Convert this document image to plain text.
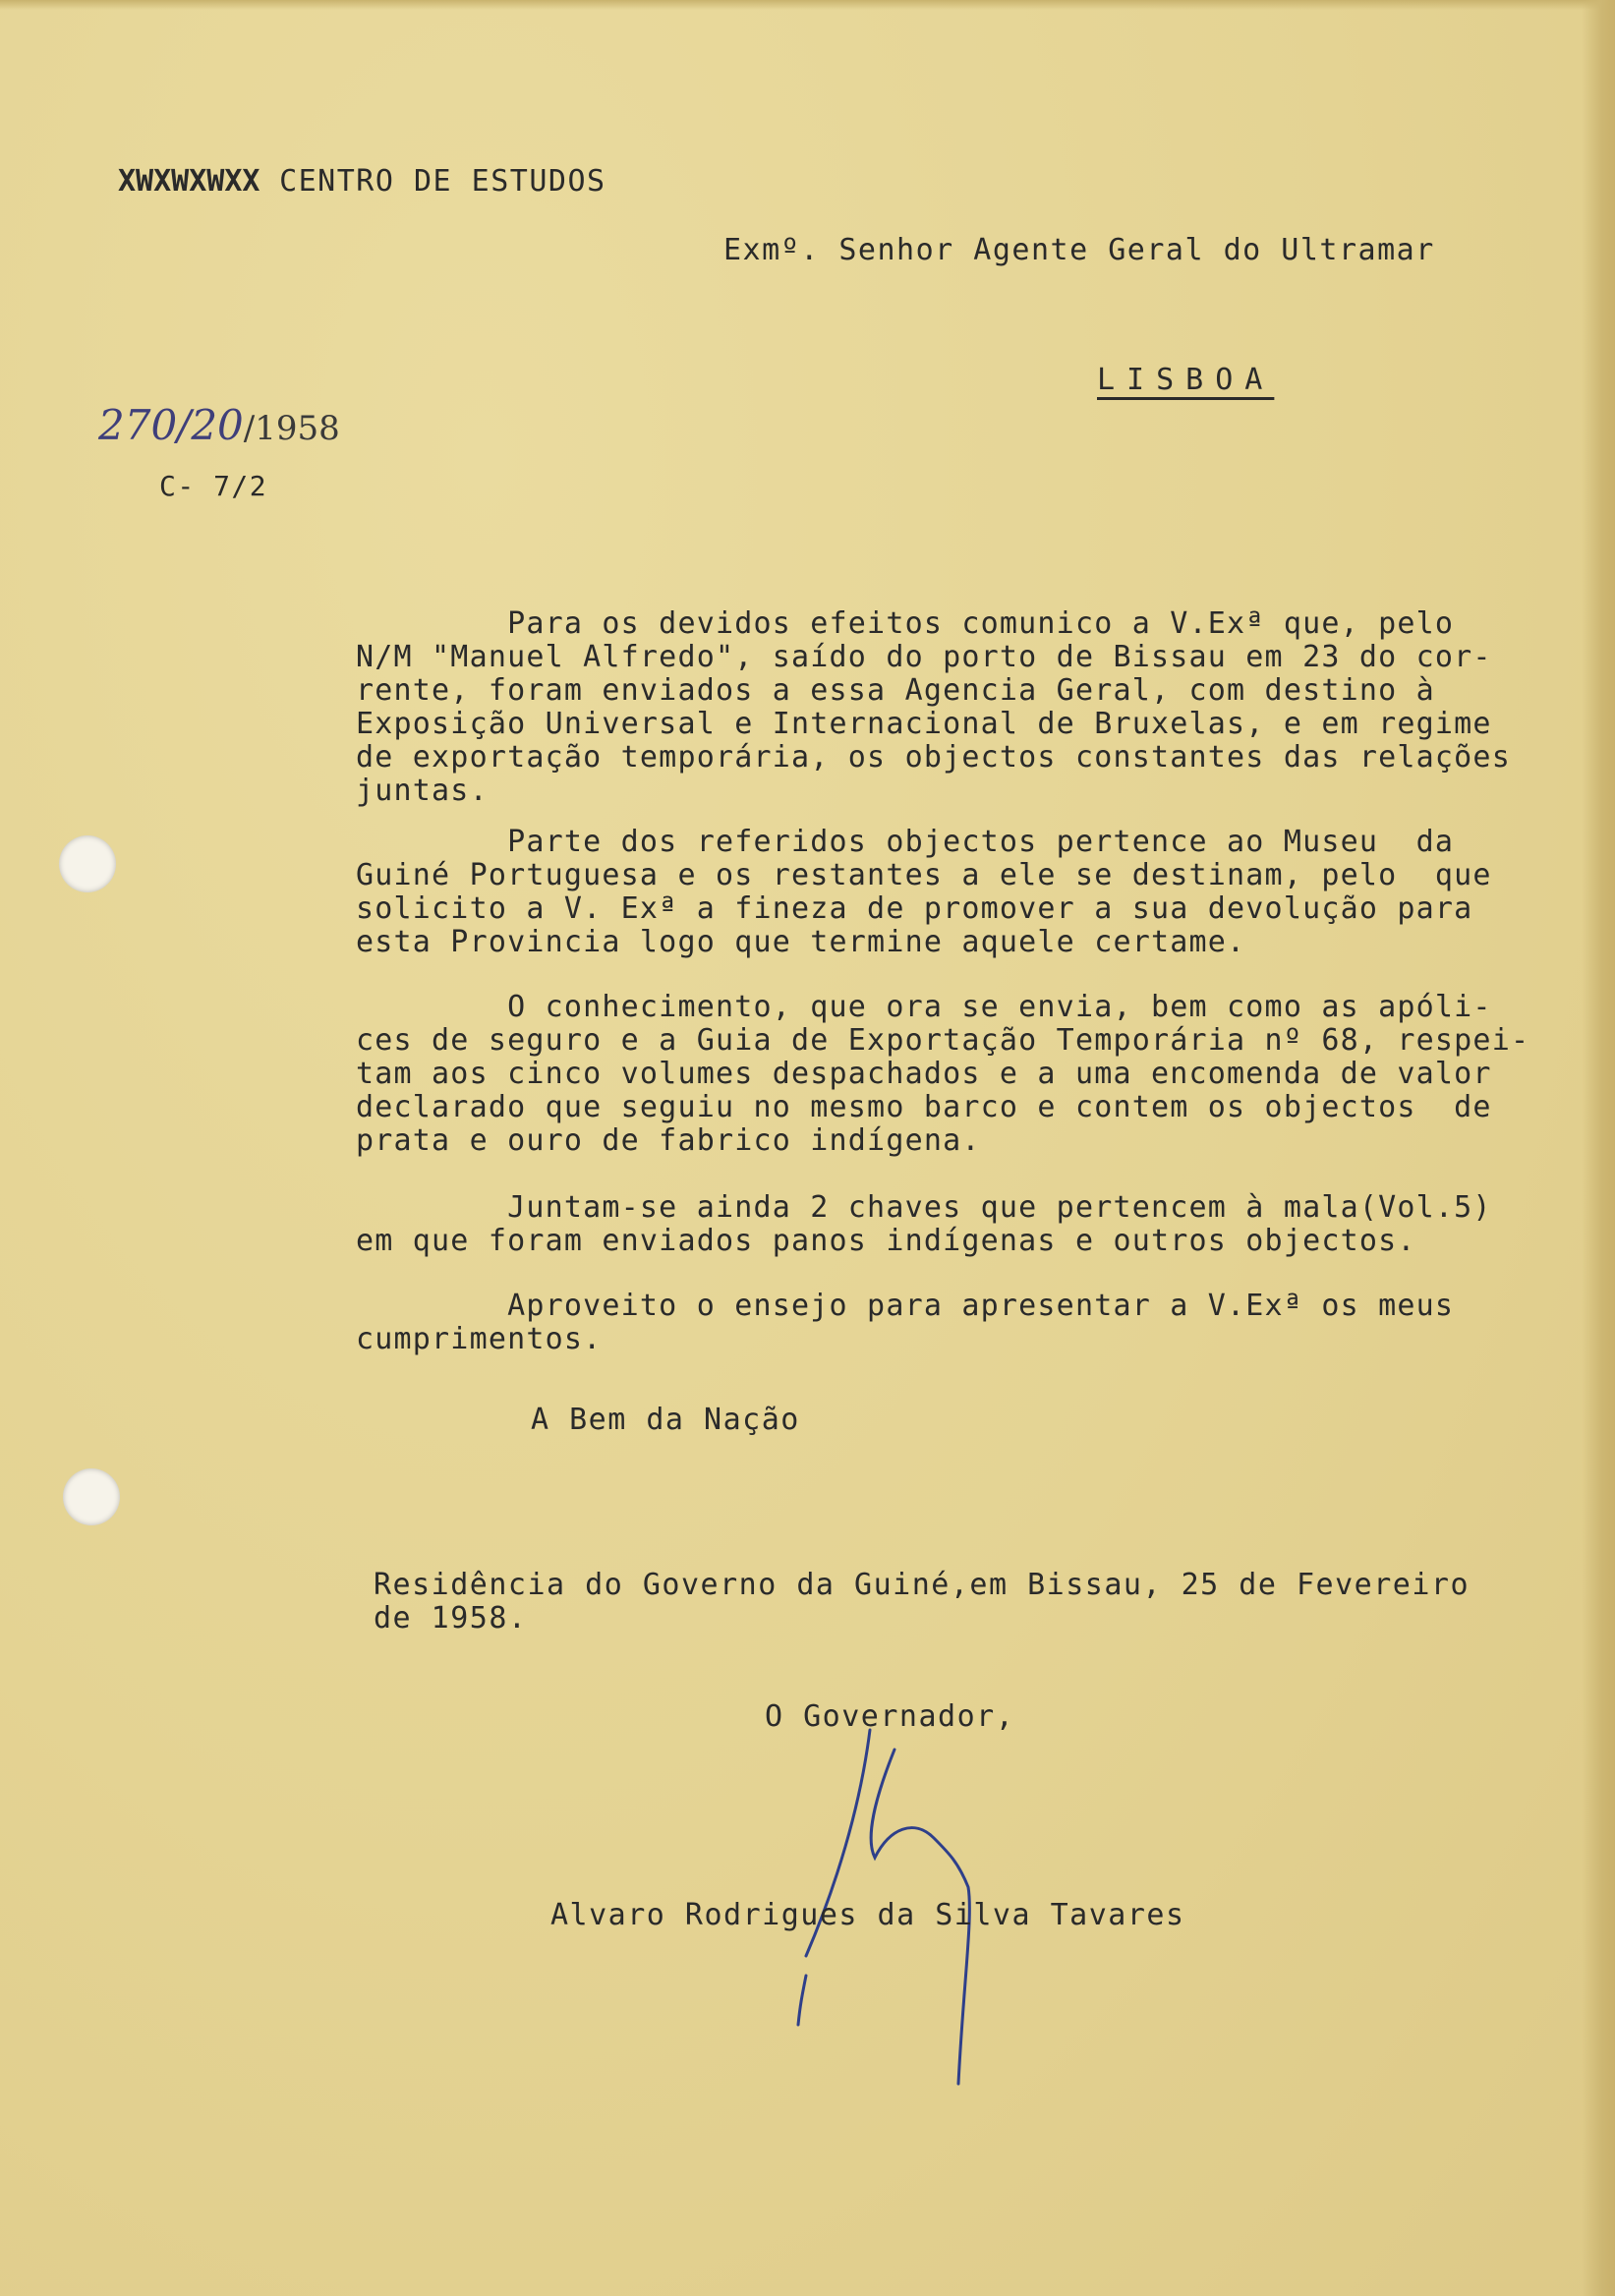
XWXWXWXX CENTRO DE ESTUDOS
Exmº. Senhor Agente Geral do Ultramar
LISBOA
270/20/1958
C- 7/2

Para os devidos efeitos comunico a V.Exª que, pelo
N/M "Manuel Alfredo", saído do porto de Bissau em 23 do cor-
rente, foram enviados a essa Agencia Geral, com destino à
Exposição Universal e Internacional de Bruxelas, e em regime
de exportação temporária, os objectos constantes das relações
juntas.

Parte dos referidos objectos pertence ao Museu  da
Guiné Portuguesa e os restantes a ele se destinam, pelo  que
solicito a V. Exª a fineza de promover a sua devolução para
esta Provincia logo que termine aquele certame.

O conhecimento, que ora se envia, bem como as apóli-
ces de seguro e a Guia de Exportação Temporária nº 68, respei-
tam aos cinco volumes despachados e a uma encomenda de valor
declarado que seguiu no mesmo barco e contem os objectos  de
prata e ouro de fabrico indígena.

Juntam-se ainda 2 chaves que pertencem à mala(Vol.5)
em que foram enviados panos indígenas e outros objectos.

Aproveito o ensejo para apresentar a V.Exª os meus
cumprimentos.

A Bem da Nação
Residência do Governo da Guiné,em Bissau, 25 de Fevereiro
de 1958.
O Governador,
Alvaro Rodrigues da Silva Tavares
